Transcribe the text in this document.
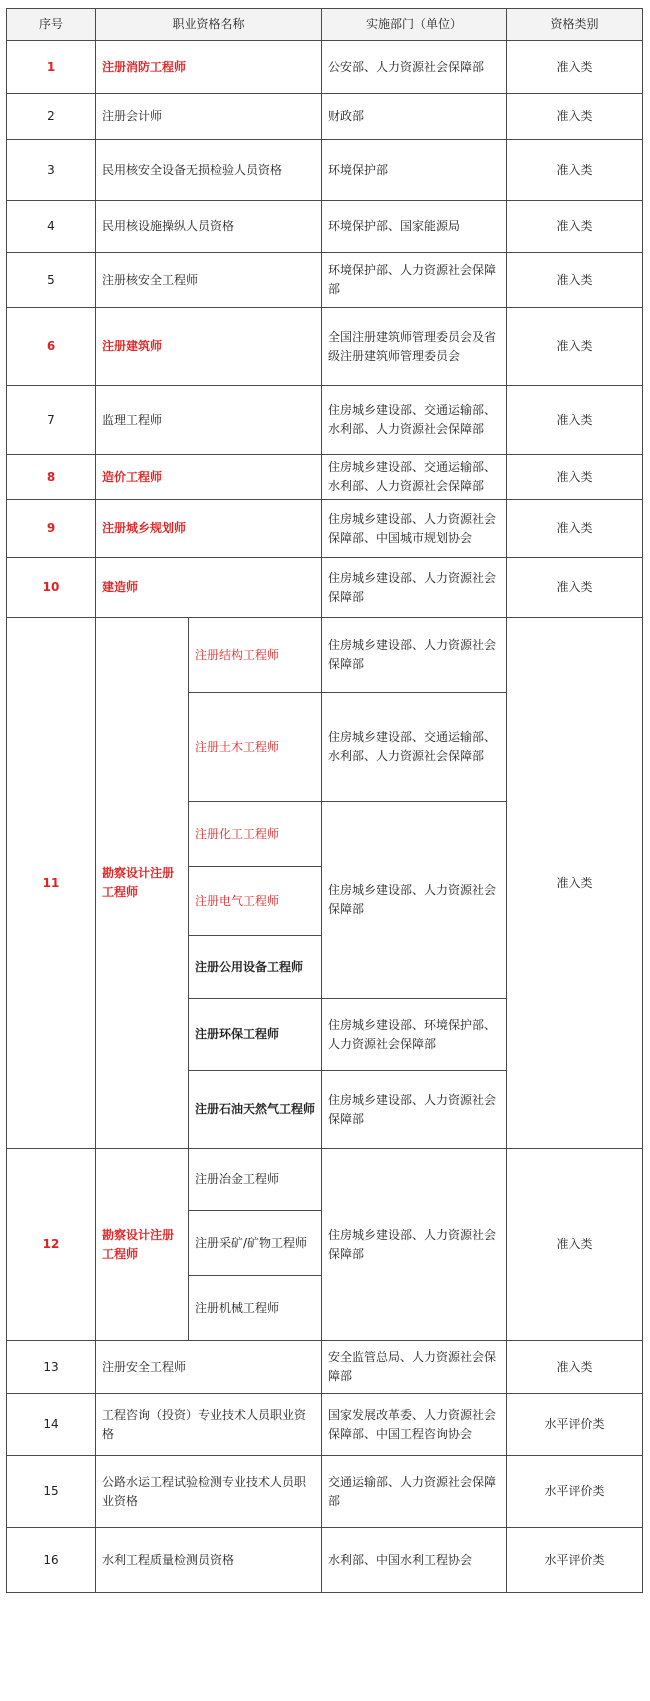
序号	职业资格名称		实施部门（单位）	资格类别
1	注册消防工程师		公安部、人力资源社会保障部	准入类
2	注册会计师		财政部	准入类
3	民用核安全设备无损检验人员资格		环境保护部	准入类
4	民用核设施操纵人员资格		环境保护部、国家能源局	准入类
5	注册核安全工程师		环境保护部、人力资源社会保障部	准入类
6	注册建筑师		全国注册建筑师管理委员会及省级注册建筑师管理委员会	准入类
7	监理工程师		住房城乡建设部、交通运输部、水利部、人力资源社会保障部	准入类
8	造价工程师		住房城乡建设部、交通运输部、水利部、人力资源社会保障部	准入类
9	注册城乡规划师		住房城乡建设部、人力资源社会保障部、中国城市规划协会	准入类
10	建造师		住房城乡建设部、人力资源社会保障部	准入类
11	勘察设计注册工程师	注册结构工程师	住房城乡建设部、人力资源社会保障部	准入类
		注册土木工程师	住房城乡建设部、交通运输部、水利部、人力资源社会保障部	
		注册化工工程师	住房城乡建设部、人力资源社会保障部	
		注册电气工程师		
		注册公用设备工程师		
		注册环保工程师	住房城乡建设部、环境保护部、人力资源社会保障部	
		注册石油天然气工程师	住房城乡建设部、人力资源社会保障部	
12	勘察设计注册工程师	注册冶金工程师	住房城乡建设部、人力资源社会保障部	准入类
		注册采矿/矿物工程师		
		注册机械工程师		
13	注册安全工程师		安全监管总局、人力资源社会保障部	准入类
14	工程咨询（投资）专业技术人员职业资格		国家发展改革委、人力资源社会保障部、中国工程咨询协会	水平评价类
15	公路水运工程试验检测专业技术人员职业资格		交通运输部、人力资源社会保障部	水平评价类
16	水利工程质量检测员资格		水利部、中国水利工程协会	水平评价类
